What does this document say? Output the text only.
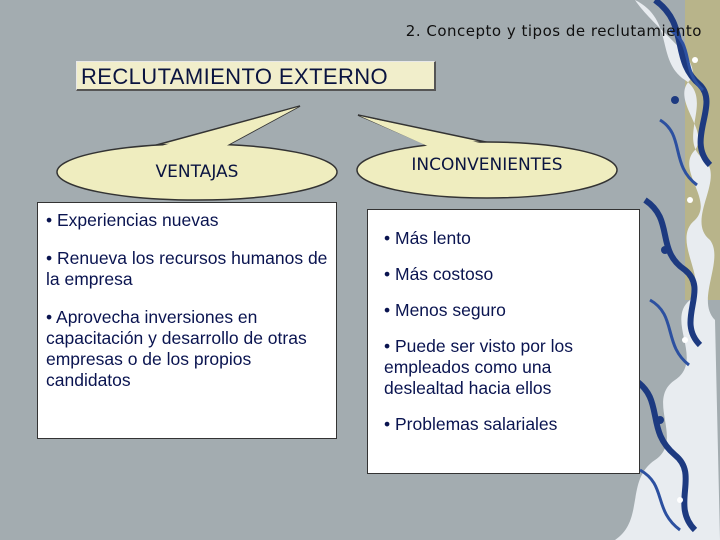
2. Concepto y tipos de reclutamiento
RECLUTAMIENTO EXTERNO
VENTAJAS	INCONVENIENTES
• Experiencias nuevas
• Renueva los recursos humanos de la empresa
• Aprovecha inversiones en capacitación y desarrollo de otras empresas o de los propios candidatos
• Más lento
• Más costoso
• Menos seguro
• Puede ser visto por los empleados como una deslealtad hacia ellos
• Problemas salariales
